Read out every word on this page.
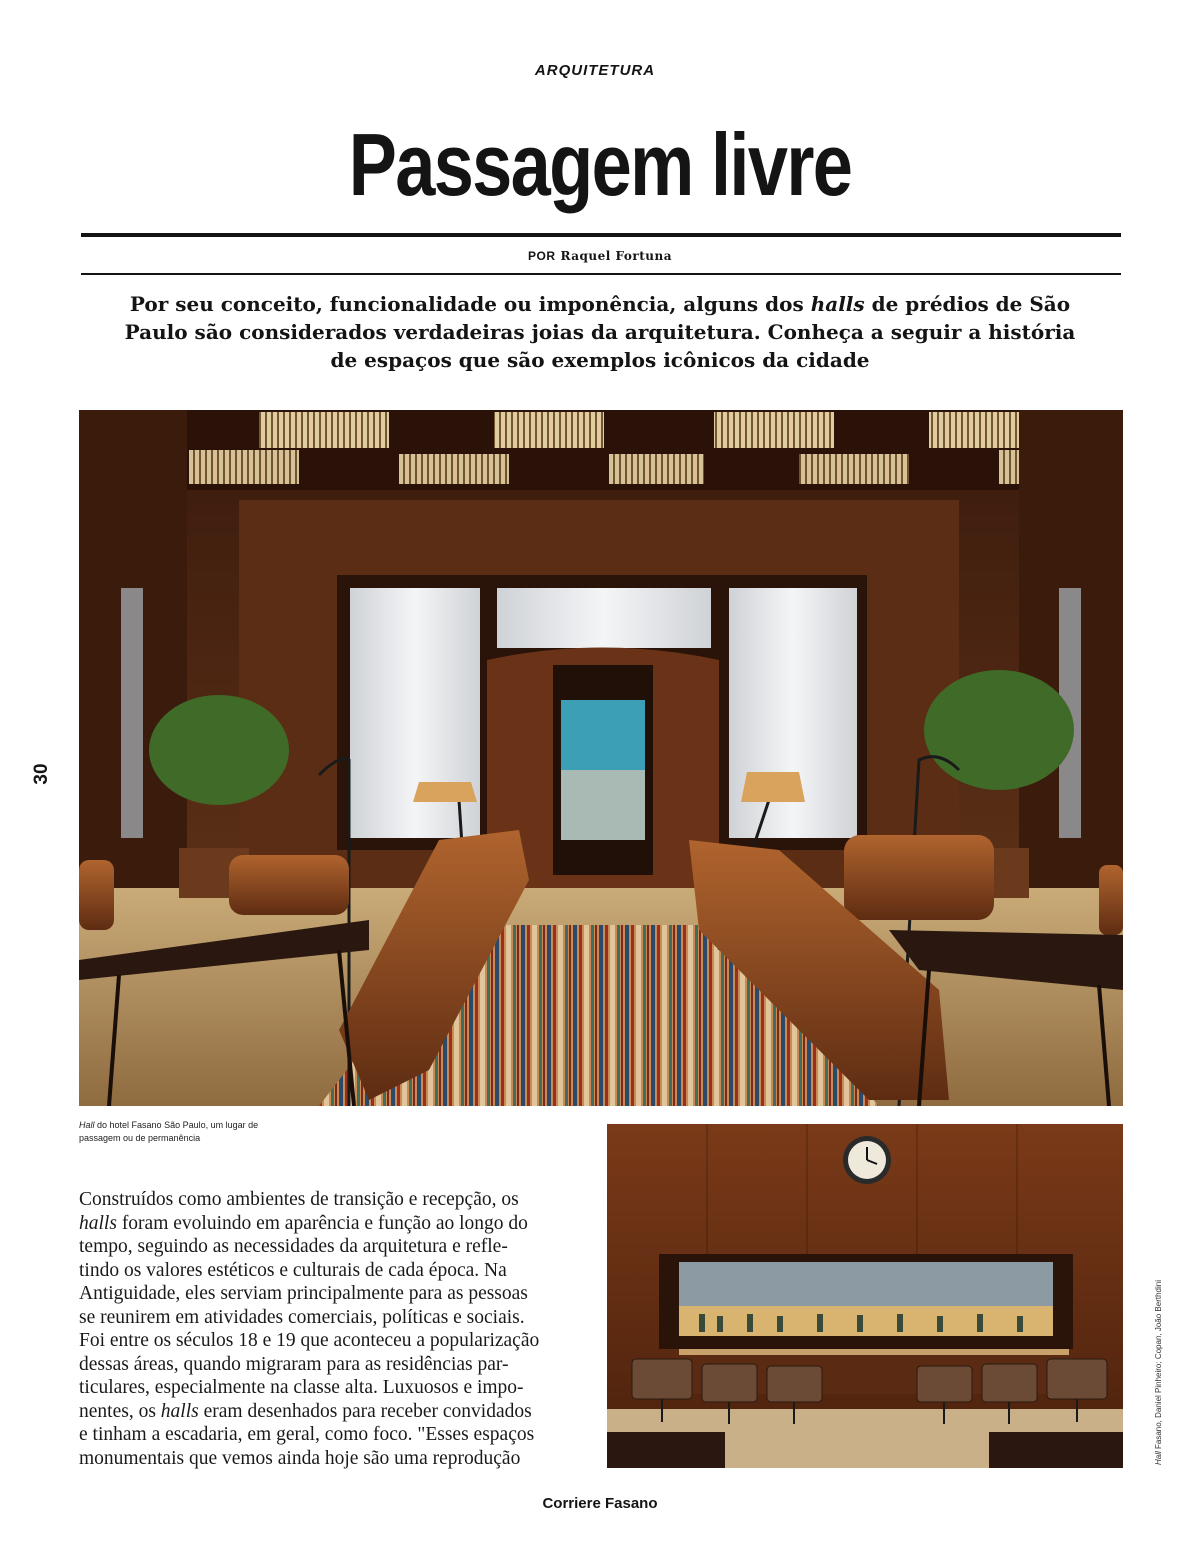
ARQUITETURA
Passagem livre
POR Raquel Fortuna
Por seu conceito, funcionalidade ou imponência, alguns dos halls de prédios de São Paulo são considerados verdadeiras joias da arquitetura. Conheça a seguir a história de espaços que são exemplos icônicos da cidade
30
Hall do hotel Fasano São Paulo, um lugar de passagem ou de permanência
Hall Fasano, Daniel Pinheiro; Copan, João Berthdini
Construídos como ambientes de transição e recepção, os
halls foram evoluindo em aparência e função ao longo do
tempo, seguindo as necessidades da arquitetura e refle-
tindo os valores estéticos e culturais de cada época. Na
Antiguidade, eles serviam principalmente para as pessoas
se reunirem em atividades comerciais, políticas e sociais.
Foi entre os séculos 18 e 19 que aconteceu a popularização
dessas áreas, quando migraram para as residências par-
ticulares, especialmente na classe alta. Luxuosos e impo-
nentes, os halls eram desenhados para receber convidados
e tinham a escadaria, em geral, como foco. "Esses espaços
monumentais que vemos ainda hoje são uma reprodução
Corriere Fasano
